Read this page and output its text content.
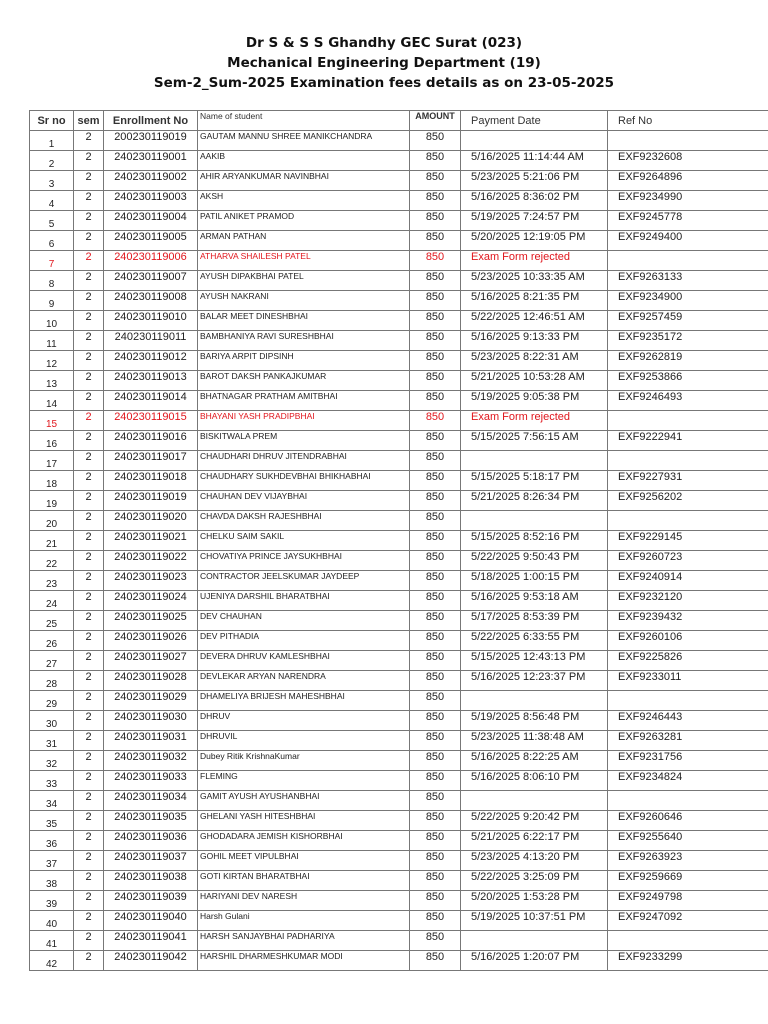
Dr S & S S Ghandhy GEC Surat (023)
Mechanical Engineering Department (19)
Sem-2_Sum-2025 Examination fees details as on 23-05-2025
Sr no	sem	Enrollment No	Name of student	AMOUNT	Payment Date	Ref No
1	2	200230119019	GAUTAM MANNU SHREE MANIKCHANDRA	850		
2	2	240230119001	AAKIB	850	5/16/2025 11:14:44 AM	EXF9232608
3	2	240230119002	AHIR ARYANKUMAR NAVINBHAI	850	5/23/2025 5:21:06 PM	EXF9264896
4	2	240230119003	AKSH	850	5/16/2025 8:36:02 PM	EXF9234990
5	2	240230119004	PATIL ANIKET PRAMOD	850	5/19/2025 7:24:57 PM	EXF9245778
6	2	240230119005	ARMAN PATHAN	850	5/20/2025 12:19:05 PM	EXF9249400
7	2	240230119006	ATHARVA SHAILESH PATEL	850	Exam Form rejected	
8	2	240230119007	AYUSH DIPAKBHAI PATEL	850	5/23/2025 10:33:35 AM	EXF9263133
9	2	240230119008	AYUSH NAKRANI	850	5/16/2025 8:21:35 PM	EXF9234900
10	2	240230119010	BALAR MEET DINESHBHAI	850	5/22/2025 12:46:51 AM	EXF9257459
11	2	240230119011	BAMBHANIYA RAVI SURESHBHAI	850	5/16/2025 9:13:33 PM	EXF9235172
12	2	240230119012	BARIYA ARPIT DIPSINH	850	5/23/2025 8:22:31 AM	EXF9262819
13	2	240230119013	BAROT DAKSH PANKAJKUMAR	850	5/21/2025 10:53:28 AM	EXF9253866
14	2	240230119014	BHATNAGAR PRATHAM AMITBHAI	850	5/19/2025 9:05:38 PM	EXF9246493
15	2	240230119015	BHAYANI YASH PRADIPBHAI	850	Exam Form rejected	
16	2	240230119016	BISKITWALA PREM	850	5/15/2025 7:56:15 AM	EXF9222941
17	2	240230119017	CHAUDHARI DHRUV JITENDRABHAI	850		
18	2	240230119018	CHAUDHARY SUKHDEVBHAI BHIKHABHAI	850	5/15/2025 5:18:17 PM	EXF9227931
19	2	240230119019	CHAUHAN DEV VIJAYBHAI	850	5/21/2025 8:26:34 PM	EXF9256202
20	2	240230119020	CHAVDA DAKSH RAJESHBHAI	850		
21	2	240230119021	CHELKU SAIM SAKIL	850	5/15/2025 8:52:16 PM	EXF9229145
22	2	240230119022	CHOVATIYA PRINCE JAYSUKHBHAI	850	5/22/2025 9:50:43 PM	EXF9260723
23	2	240230119023	CONTRACTOR JEELSKUMAR JAYDEEP	850	5/18/2025 1:00:15 PM	EXF9240914
24	2	240230119024	UJENIYA DARSHIL BHARATBHAI	850	5/16/2025 9:53:18 AM	EXF9232120
25	2	240230119025	DEV CHAUHAN	850	5/17/2025 8:53:39 PM	EXF9239432
26	2	240230119026	DEV PITHADIA	850	5/22/2025 6:33:55 PM	EXF9260106
27	2	240230119027	DEVERA DHRUV KAMLESHBHAI	850	5/15/2025 12:43:13 PM	EXF9225826
28	2	240230119028	DEVLEKAR ARYAN NARENDRA	850	5/16/2025 12:23:37 PM	EXF9233011
29	2	240230119029	DHAMELIYA BRIJESH MAHESHBHAI	850		
30	2	240230119030	DHRUV	850	5/19/2025 8:56:48 PM	EXF9246443
31	2	240230119031	DHRUVIL	850	5/23/2025 11:38:48 AM	EXF9263281
32	2	240230119032	Dubey Ritik KrishnaKumar	850	5/16/2025 8:22:25 AM	EXF9231756
33	2	240230119033	FLEMING	850	5/16/2025 8:06:10 PM	EXF9234824
34	2	240230119034	GAMIT AYUSH AYUSHANBHAI	850		
35	2	240230119035	GHELANI YASH HITESHBHAI	850	5/22/2025 9:20:42 PM	EXF9260646
36	2	240230119036	GHODADARA JEMISH KISHORBHAI	850	5/21/2025 6:22:17 PM	EXF9255640
37	2	240230119037	GOHIL MEET VIPULBHAI	850	5/23/2025 4:13:20 PM	EXF9263923
38	2	240230119038	GOTI KIRTAN BHARATBHAI	850	5/22/2025 3:25:09 PM	EXF9259669
39	2	240230119039	HARIYANI DEV NARESH	850	5/20/2025 1:53:28 PM	EXF9249798
40	2	240230119040	Harsh Gulani	850	5/19/2025 10:37:51 PM	EXF9247092
41	2	240230119041	HARSH SANJAYBHAI PADHARIYA	850		
42	2	240230119042	HARSHIL DHARMESHKUMAR MODI	850	5/16/2025 1:20:07 PM	EXF9233299
